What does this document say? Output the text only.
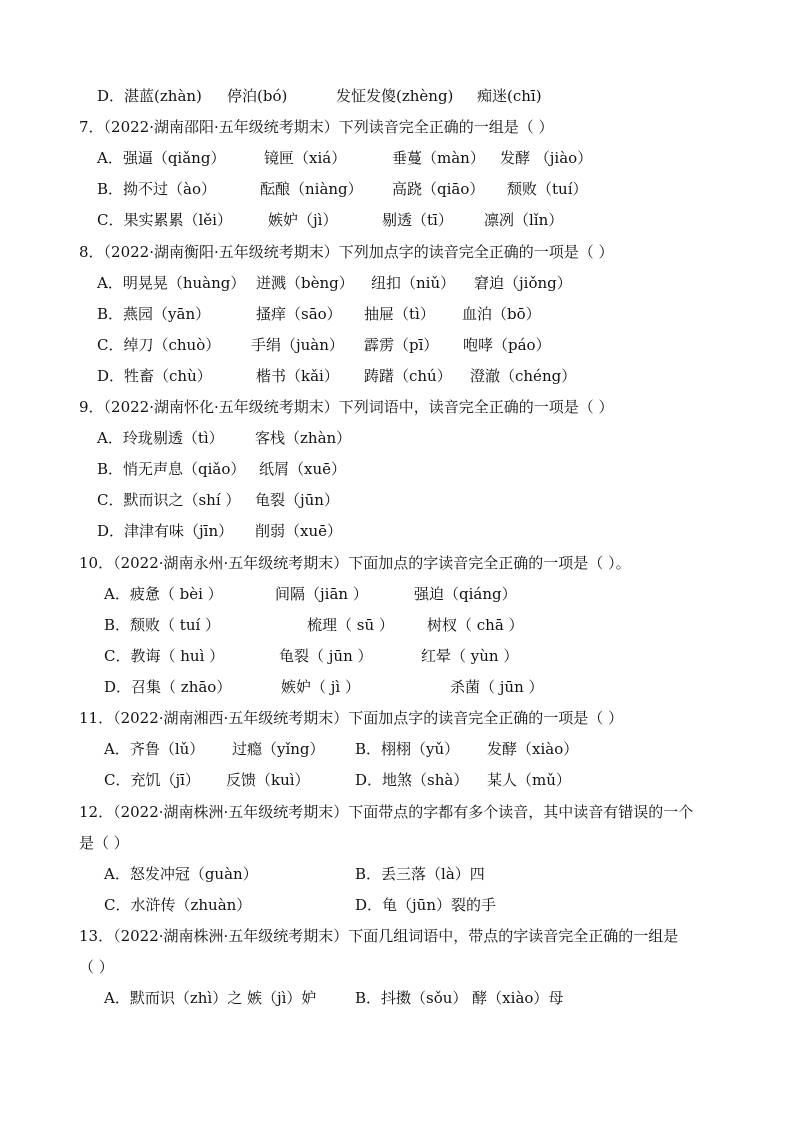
D．湛蓝(zhàn) 停泊(bó)	发怔发傻(zhèng) 痴迷(chī)
7．（2022·湖南邵阳·五年级统考期末）下列读音完全正确的一组是（ ）
A．强逼（qiǎng）	镜匣（xiá）	垂蔓（màn） 发酵 （jiào）
B．拗不过（ào）	酝酿（niàng） 高跷（qiāo） 颓败（tuí）
C．果实累累（lěi） 嫉妒（jì）	剔透（tī） 凛冽（lǐn）
8．（2022·湖南衡阳·五年级统考期末）下列加点字的读音完全正确的一项是（ ）
A．明晃晃（huàng） 迸溅（bèng） 纽扣（niǔ） 窘迫（jiǒng）
B．燕园（yān）	搔痒（sāo） 抽屉（tì） 血泊（bō）
C．绰刀（chuò） 手绢（juàn） 霹雳（pī） 咆哮（páo）
D．牲畜（chù）	楷书（kǎi） 踌躇（chú） 澄澈（chéng）
9．（2022·湖南怀化·五年级统考期末）下列词语中，读音完全正确的一项是（ ）
A．玲珑剔透（tì） 客栈（zhàn）
B．悄无声息（qiǎo） 纸屑（xuē）
C．默而识之（shí ） 龟裂（jūn）
D．津津有味（jīn） 削弱（xuē）
10．（2022·湖南永州·五年级统考期末）下面加点的字读音完全正确的一项是（ ）。
A．疲惫（ bèi ）	间隔（jiān ）	强迫（qiáng）
B．颓败（ tuí ）	梳理（ sū ） 树杈（ chā ）
C．教诲（ huì ）	龟裂（ jūn ）	红晕（ yùn ）
D．召集（ zhāo）	嫉妒（ jì ）	杀菌（ jūn ）
11．（2022·湖南湘西·五年级统考期末）下面加点字的读音完全正确的一项是（ ）
A．齐鲁（lǔ） 过瘾（yǐng） B．栩栩（yǔ） 发酵（xiào）
C．充饥（jī） 反馈（kuì）	D．地煞（shà） 某人（mǔ）
12．（2022·湖南株洲·五年级统考期末）下面带点的字都有多个读音，其中读音有错误的一个
是（ ）
A．怒发冲冠（guàn）	B．丢三落（là）四
C．水浒传（zhuàn）	D．龟（jūn）裂的手
13．（2022·湖南株洲·五年级统考期末）下面几组词语中，带点的字读音完全正确的一组是
（ ）
A．默而识（zhì）之 嫉（jì）妒	B．抖擞（sǒu） 酵（xiào）母
